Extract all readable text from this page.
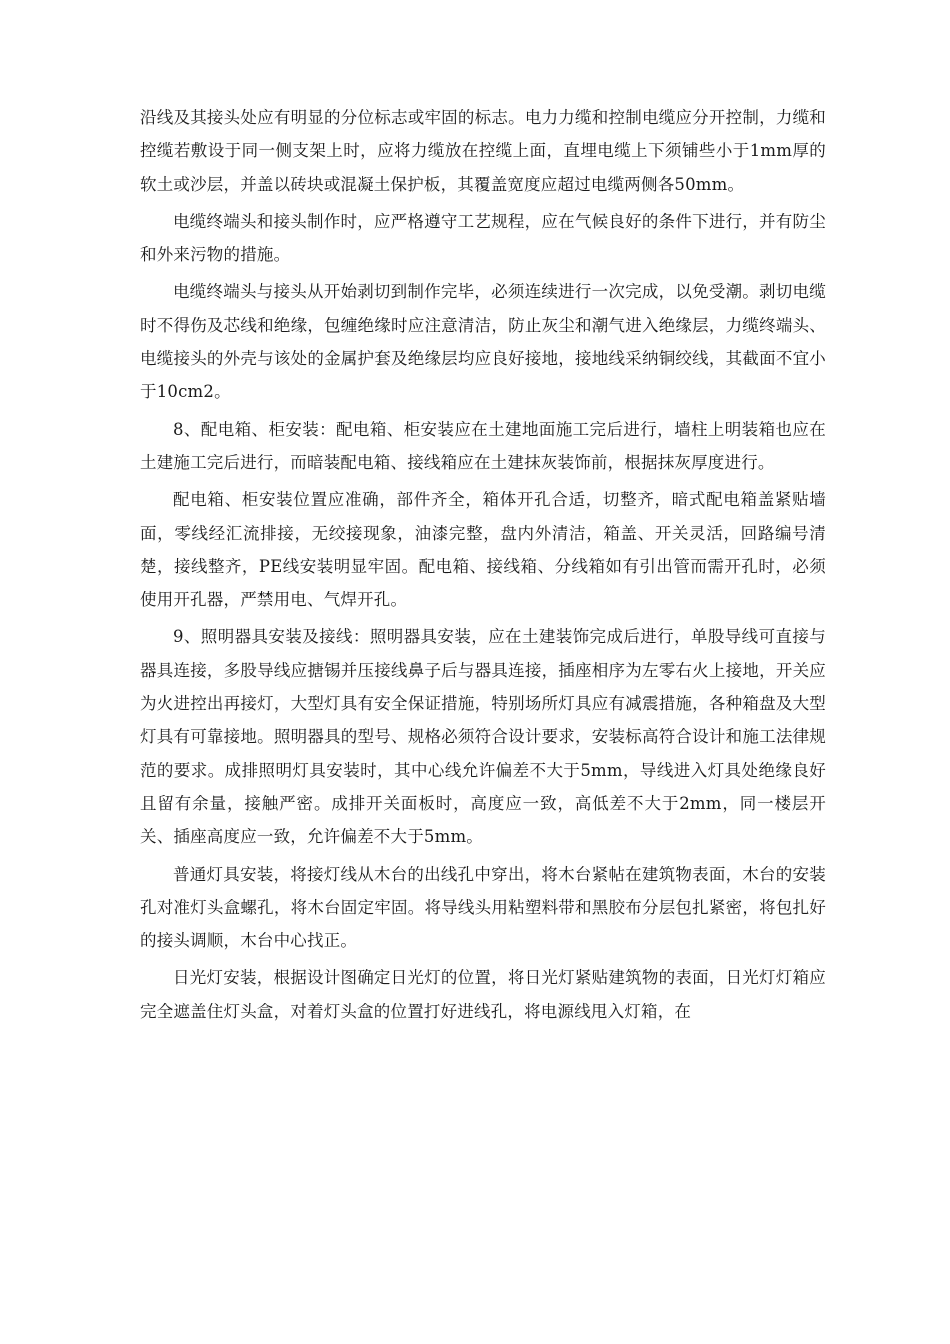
沿线及其接头处应有明显的分位标志或牢固的标志。电力力缆和控制电缆应分开控制，力缆和控缆若敷设于同一侧支架上时，应将力缆放在控缆上面，直埋电缆上下须铺些小于1mm厚的软土或沙层，并盖以砖块或混凝土保护板，其覆盖宽度应超过电缆两侧各50mm。

电缆终端头和接头制作时，应严格遵守工艺规程，应在气候良好的条件下进行，并有防尘和外来污物的措施。

电缆终端头与接头从开始剥切到制作完毕，必须连续进行一次完成，以免受潮。剥切电缆时不得伤及芯线和绝缘，包缠绝缘时应注意清洁，防止灰尘和潮气进入绝缘层，力缆终端头、电缆接头的外壳与该处的金属护套及绝缘层均应良好接地，接地线采纳铜绞线，其截面不宜小于10cm2。

8、配电箱、柜安装：配电箱、柜安装应在土建地面施工完后进行，墙柱上明装箱也应在土建施工完后进行，而暗装配电箱、接线箱应在土建抹灰装饰前，根据抹灰厚度进行。

配电箱、柜安装位置应准确，部件齐全，箱体开孔合适，切整齐，暗式配电箱盖紧贴墙面，零线经汇流排接，无绞接现象，油漆完整，盘内外清洁，箱盖、开关灵活，回路编号清楚，接线整齐，PE线安装明显牢固。配电箱、接线箱、分线箱如有引出管而需开孔时，必须使用开孔器，严禁用电、气焊开孔。

9、照明器具安装及接线：照明器具安装，应在土建装饰完成后进行，单股导线可直接与器具连接，多股导线应搪锡并压接线鼻子后与器具连接，插座相序为左零右火上接地，开关应为火进控出再接灯，大型灯具有安全保证措施，特别场所灯具应有减震措施，各种箱盘及大型灯具有可靠接地。照明器具的型号、规格必须符合设计要求，安装标高符合设计和施工法律规范的要求。成排照明灯具安装时，其中心线允许偏差不大于5mm，导线进入灯具处绝缘良好且留有余量，接触严密。成排开关面板时，高度应一致，高低差不大于2mm，同一楼层开关、插座高度应一致，允许偏差不大于5mm。

普通灯具安装，将接灯线从木台的出线孔中穿出，将木台紧帖在建筑物表面，木台的安装孔对准灯头盒螺孔，将木台固定牢固。将导线头用粘塑料带和黑胶布分层包扎紧密，将包扎好的接头调顺，木台中心找正。

日光灯安装，根据设计图确定日光灯的位置，将日光灯紧贴建筑物的表面，日光灯灯箱应完全遮盖住灯头盒，对着灯头盒的位置打好进线孔，将电源线甩入灯箱，在
